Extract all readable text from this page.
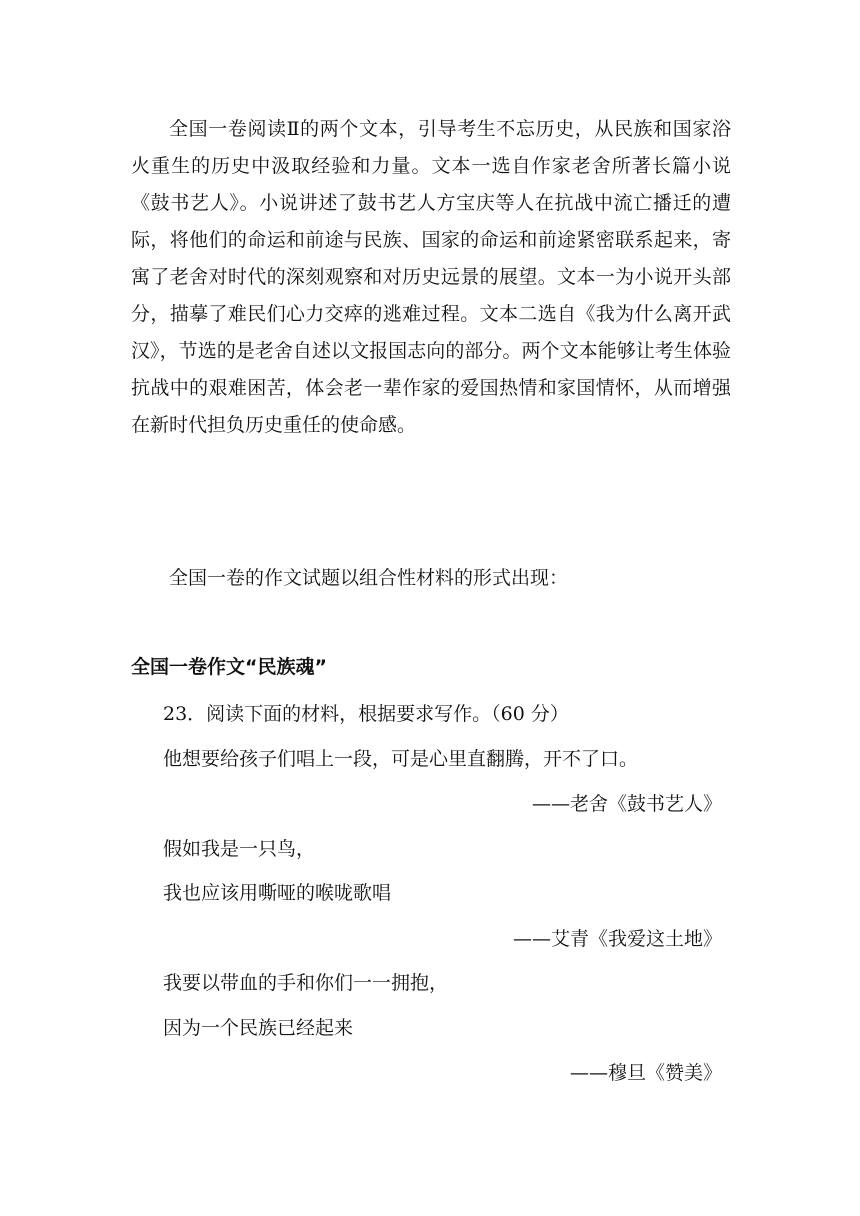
全国一卷阅读Ⅱ的两个文本，引导考生不忘历史，从民族和国家浴火重生的历史中汲取经验和力量。文本一选自作家老舍所著长篇小说《鼓书艺人》。小说讲述了鼓书艺人方宝庆等人在抗战中流亡播迁的遭际，将他们的命运和前途与民族、国家的命运和前途紧密联系起来，寄寓了老舍对时代的深刻观察和对历史远景的展望。文本一为小说开头部分，描摹了难民们心力交瘁的逃难过程。文本二选自《我为什么离开武汉》，节选的是老舍自述以文报国志向的部分。两个文本能够让考生体验抗战中的艰难困苦，体会老一辈作家的爱国热情和家国情怀，从而增强在新时代担负历史重任的使命感。

全国一卷的作文试题以组合性材料的形式出现：

全国一卷作文“民族魂”

23．阅读下面的材料，根据要求写作。（60 分）

他想要给孩子们唱上一段，可是心里直翻腾，开不了口。

——老舍《鼓书艺人》

假如我是一只鸟，

我也应该用嘶哑的喉咙歌唱

——艾青《我爱这土地》

我要以带血的手和你们一一拥抱，

因为一个民族已经起来

——穆旦《赞美》
